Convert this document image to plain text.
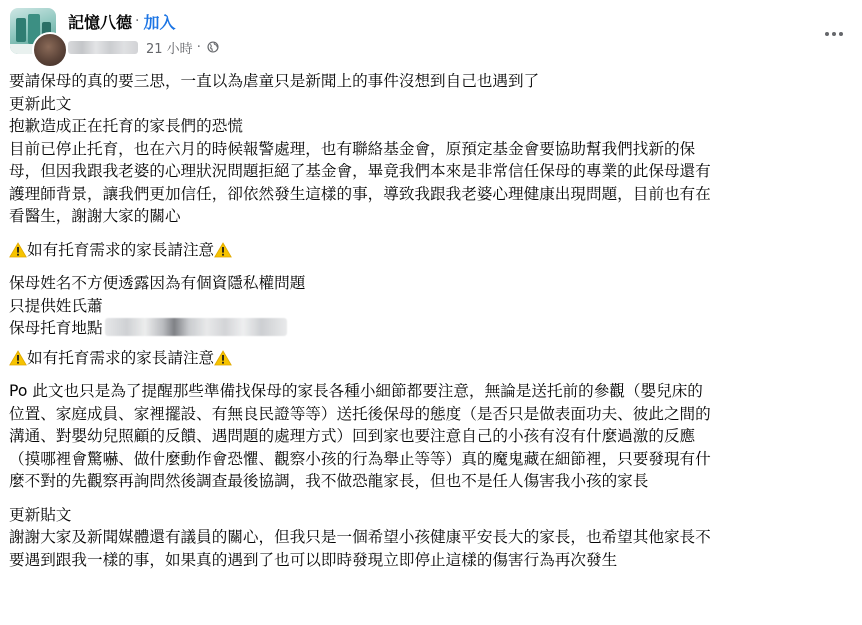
記憶八德 · 加入
21 小時 ·
要請保母的真的要三思，一直以為虐童只是新聞上的事件沒想到自己也遇到了
更新此文
抱歉造成正在托育的家長們的恐慌
目前已停止托育，也在六月的時候報警處理，也有聯絡基金會，原預定基金會要協助幫我們找新的保
母，但因我跟我老婆的心理狀況問題拒絕了基金會，畢竟我們本來是非常信任保母的專業的此保母還有
護理師背景，讓我們更加信任，卻依然發生這樣的事，導致我跟我老婆心理健康出現問題，目前也有在
看醫生，謝謝大家的關心
如有托育需求的家長請注意
保母姓名不方便透露因為有個資隱私權問題
只提供姓氏蕭
保母托育地點
如有托育需求的家長請注意
Po 此文也只是為了提醒那些準備找保母的家長各種小細節都要注意，無論是送托前的參觀（嬰兒床的
位置、家庭成員、家裡擺設、有無良民證等等）送托後保母的態度（是否只是做表面功夫、彼此之間的
溝通、對嬰幼兒照顧的反饋、遇問題的處理方式）回到家也要注意自己的小孩有沒有什麼過激的反應
（摸哪裡會驚嚇、做什麼動作會恐懼、觀察小孩的行為舉止等等）真的魔鬼藏在細節裡，只要發現有什
麼不對的先觀察再詢問然後調查最後協調，我不做恐龍家長，但也不是任人傷害我小孩的家長
更新貼文
謝謝大家及新聞媒體還有議員的關心，但我只是一個希望小孩健康平安長大的家長，也希望其他家長不
要遇到跟我一樣的事，如果真的遇到了也可以即時發現立即停止這樣的傷害行為再次發生
